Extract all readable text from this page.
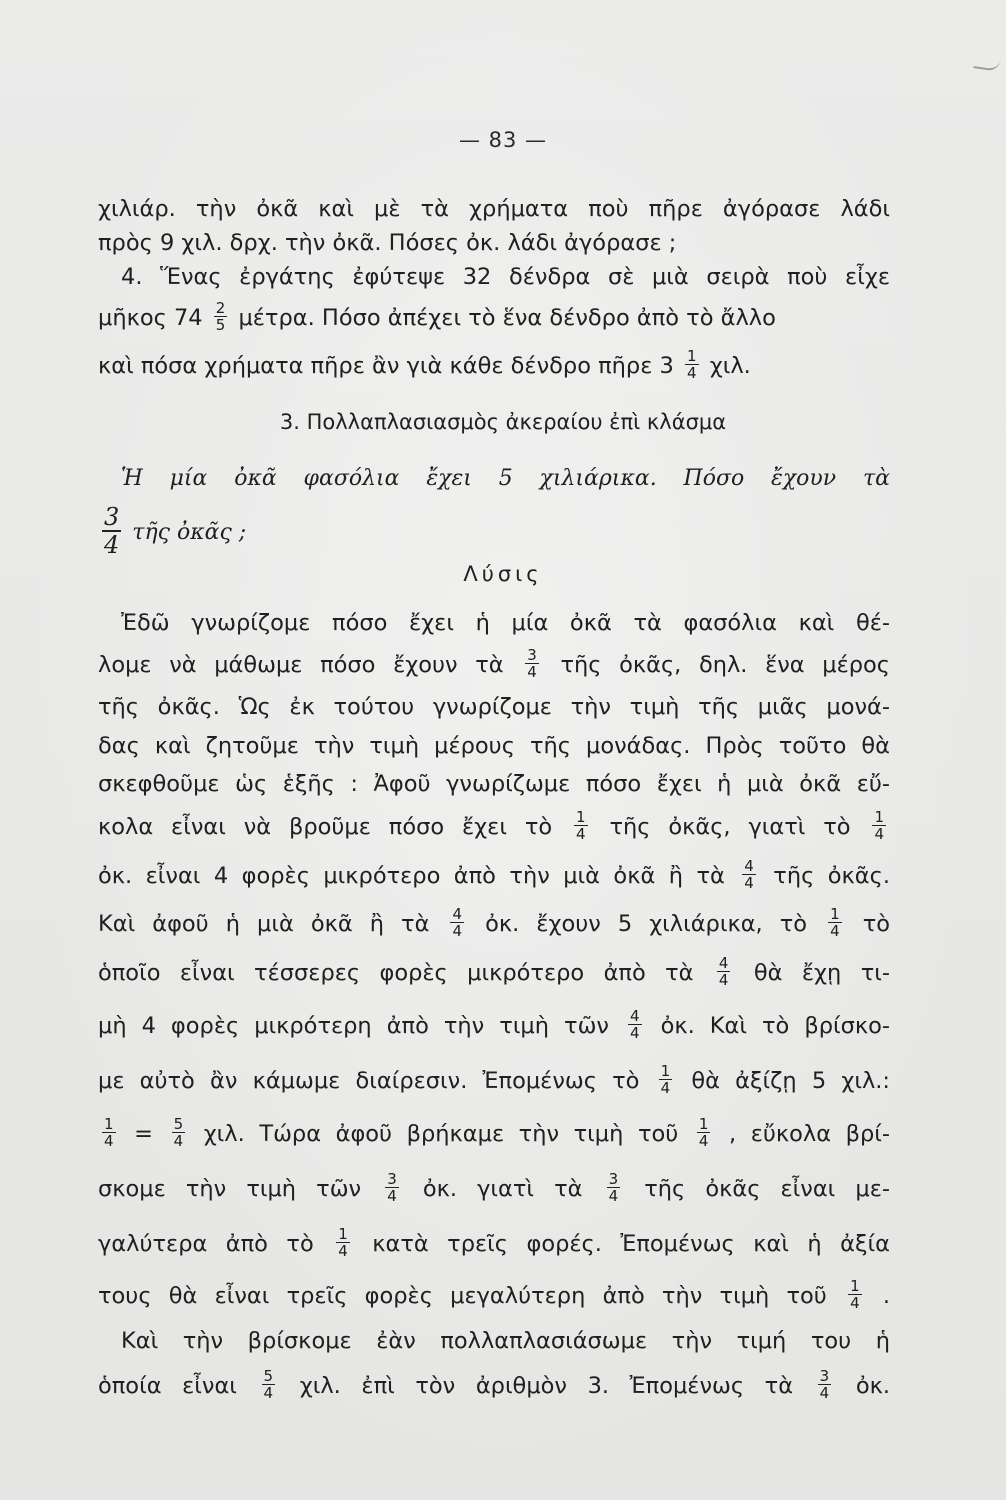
— 83 —
χιλιάρ. τὴν ὀκᾶ καὶ μὲ τὰ χρήματα ποὺ πῆρε ἀγόρασε λάδι
πρὸς 9 χιλ. δρχ. τὴν ὀκᾶ. Πόσες ὀκ. λάδι ἀγόρασε ;
4. Ἕνας ἐργάτης ἐφύτεψε 32 δένδρα σὲ μιὰ σειρὰ ποὺ εἶχε
μῆκος $74 \frac{2}{5} \mu έ\tau\rho\alpha$. Πόσο ἀπέχει τὸ ἕνα δένδρο ἀπὸ τὸ ἄλλο
καὶ πόσα χρήματα πῆρε ἂν γιὰ κάθε δένδρο πῆρε $3 \frac{1}{4} \chi\iota\lambda$.
3. Πολλαπλασιασμὸς ἀκεραίου ἐπὶ κλάσμα
Ἡ μία ὀκᾶ φασόλια ἔχει 5 χιλιάρικα. Πόσο ἔχουν τὰ
$\frac{3}{4}$ τῆς ὀκᾶς ;
Λύσις
Ἐδῶ γνωρίζομε πόσο ἔχει ἡ μία ὀκᾶ τὰ φασόλια καὶ θέ-
λομε νὰ μάθωμε πόσο ἔχουν τὰ $\frac{3}{4}$ τῆς ὀκᾶς, δηλ. ἕνα μέρος
τῆς ὀκᾶς. Ὡς ἐκ τούτου γνωρίζομε τὴν τιμὴ τῆς μιᾶς μονά-
δας καὶ ζητοῦμε τὴν τιμὴ μέρους τῆς μονάδας. Πρὸς τοῦτο θὰ
σκεφθοῦμε ὡς ἑξῆς : Ἀφοῦ γνωρίζωμε πόσο ἔχει ἡ μιὰ ὀκᾶ εὔ-
κολα εἶναι νὰ βροῦμε πόσο ἔχει τὸ $\frac{1}{4}$ τῆς ὀκᾶς, γιατὶ τὸ $\frac{1}{4}$
ὀκ. εἶναι 4 φορὲς μικρότερο ἀπὸ τὴν μιὰ ὀκᾶ ἢ τὰ $\frac{4}{4}$ τῆς ὀκᾶς.
Καὶ ἀφοῦ ἡ μιὰ ὀκᾶ ἢ τὰ $\frac{4}{4}$ ὀκ. ἔχουν 5 χιλιάρικα, τὸ $\frac{1}{4}$ τὸ
ὁποῖο εἶναι τέσσερες φορὲς μικρότερο ἀπὸ τὰ $\frac{4}{4}$ θὰ ἔχῃ τι-
μὴ 4 φορὲς μικρότερη ἀπὸ τὴν τιμὴ τῶν $\frac{4}{4}$ ὀκ. Καὶ τὸ βρίσκο-
με αὐτὸ ἂν κάμωμε διαίρεσιν. Ἐπομένως τὸ $\frac{1}{4}$ θὰ ἀξίζῃ 5 χιλ.:
$\frac{1}{4} = \frac{5}{4} \chi\iota\lambda$. Τώρα ἀφοῦ βρήκαμε τὴν τιμὴ τοῦ $\frac{1}{4}$ , εὔκολα βρί-
σκομε τὴν τιμὴ τῶν $\frac{3}{4}$ ὀκ. γιατὶ τὰ $\frac{3}{4}$ τῆς ὀκᾶς εἶναι με-
γαλύτερα ἀπὸ τὸ $\frac{1}{4}$ κατὰ τρεῖς φορές. Ἐπομένως καὶ ἡ ἀξία
τους θὰ εἶναι τρεῖς φορὲς μεγαλύτερη ἀπὸ τὴν τιμὴ τοῦ $\frac{1}{4}$ .
Καὶ τὴν βρίσκομε ἐὰν πολλαπλασιάσωμε τὴν τιμή του ἡ
ὁποία εἶναι $\frac{5}{4} \chi\iota\lambda$. ἐπὶ τὸν ἀριθμὸν 3. Ἐπομένως τὰ $\frac{3}{4}$ ὀκ.
